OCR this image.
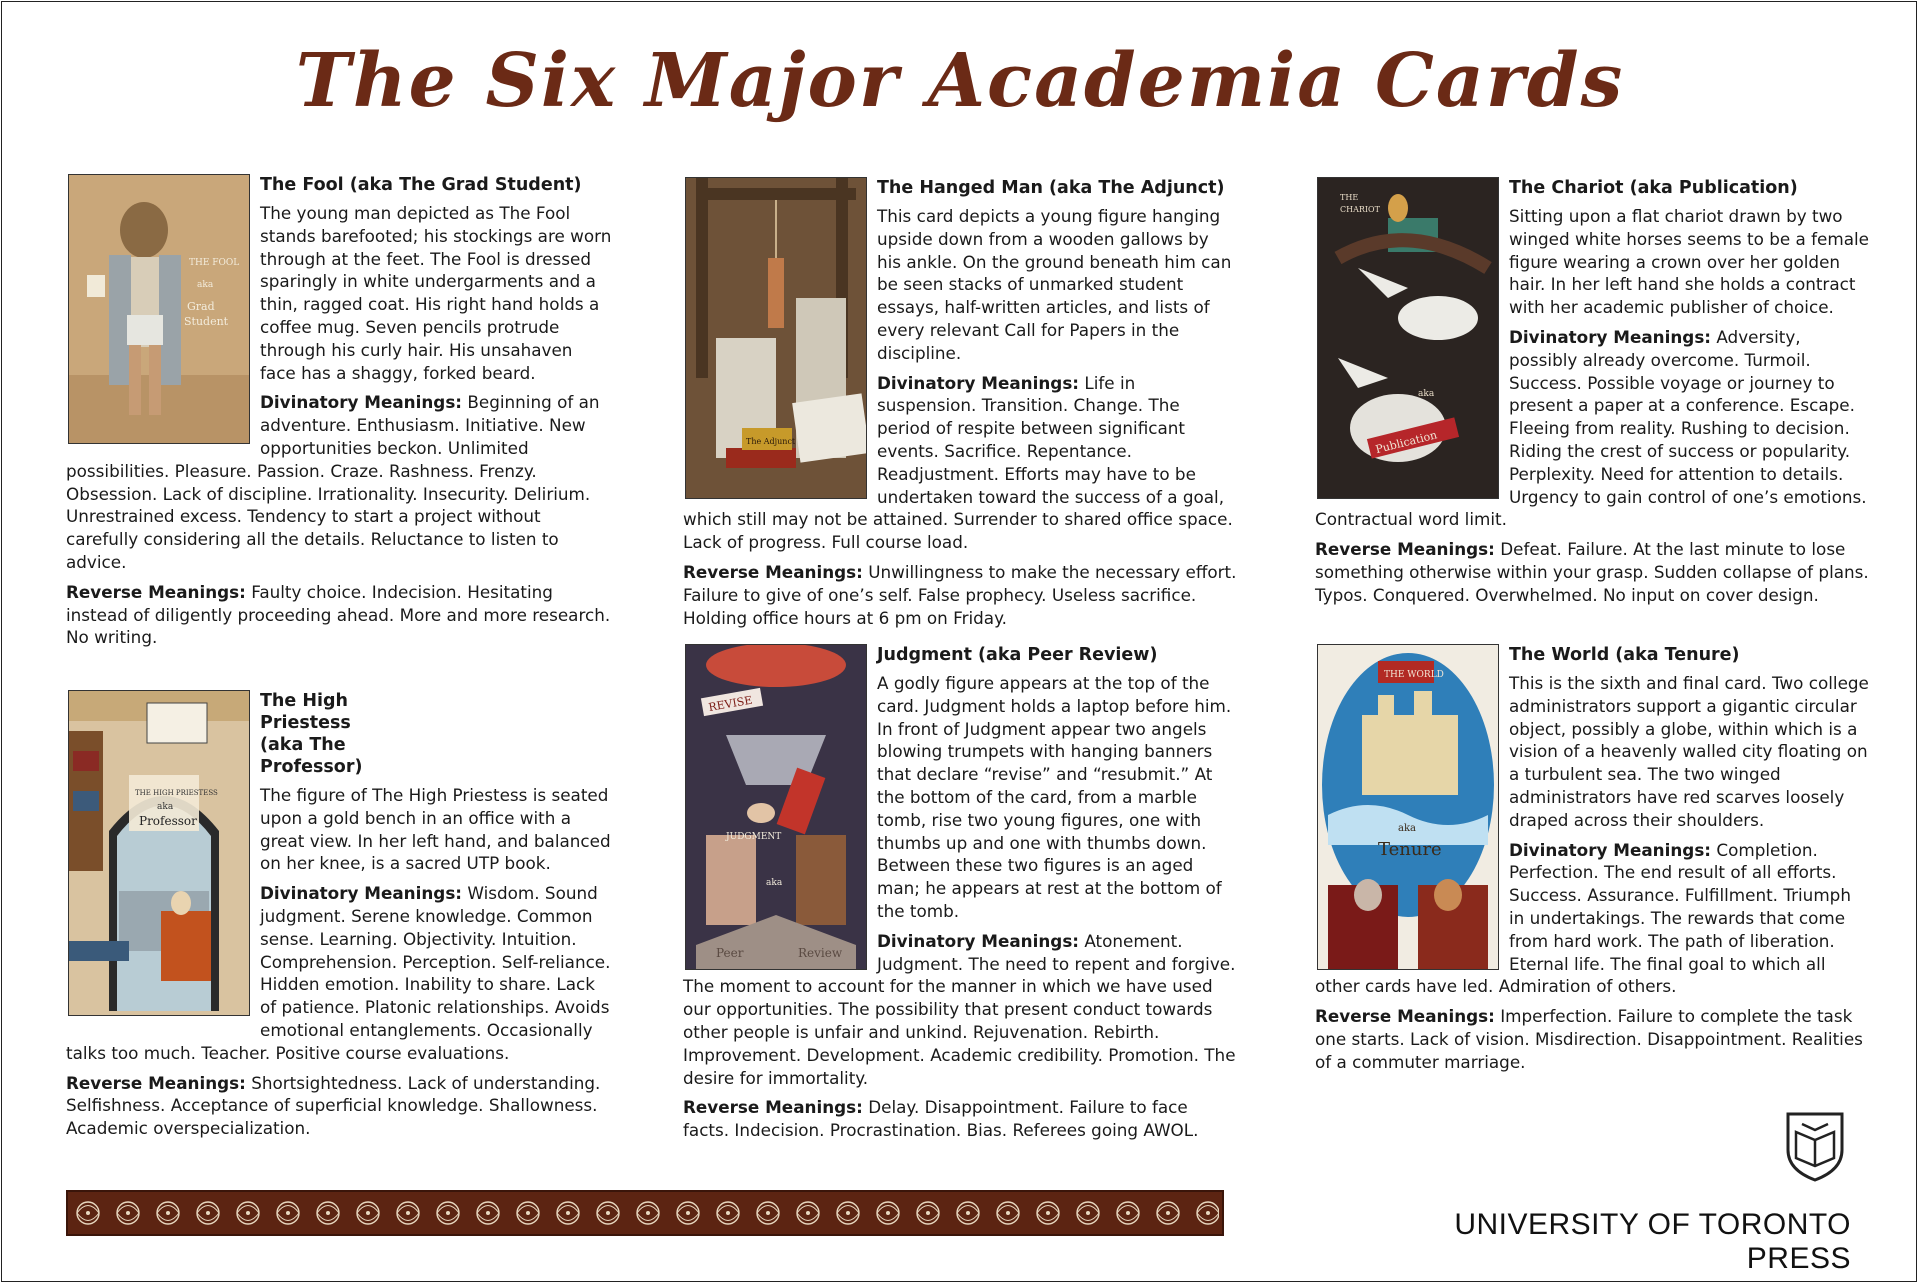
The Six Major Academia Cards
THE FOOL
aka
Grad
Student
The Fool (aka The Grad Student)

The young man depicted as The Fool stands barefooted; his stockings are worn through at the feet. The Fool is dressed sparingly in white undergarments and a thin, ragged coat. His right hand holds a coffee mug. Seven pencils protrude through his curly hair. His unsahaven face has a shaggy, forked beard.

Divinatory Meanings: Beginning of an adventure. Enthusiasm. Initiative. New opportunities beckon. Unlimited possibilities. Pleasure. Passion. Craze. Rashness. Frenzy. Obsession. Lack of discipline. Irrationality. Insecurity. Delirium. Unrestrained excess. Tendency to start a project without carefully considering all the details. Reluctance to listen to advice.

Reverse Meanings: Faulty choice. Indecision. Hesitating instead of diligently proceeding ahead. More and more research. No writing.

THE HIGH PRIESTESS
aka
Professor
The High Priestess (aka The Professor)

The figure of The High Priestess is seated upon a gold bench in an office with a great view. In her left hand, and balanced on her knee, is a sacred UTP book.

Divinatory Meanings: Wisdom. Sound judgment. Serene knowledge. Common sense. Learning. Objectivity. Intuition. Comprehension. Perception. Self-reliance. Hidden emotion. Inability to share. Lack of patience. Platonic relationships. Avoids emotional entanglements. Occasionally talks too much. Teacher. Positive course evaluations.

Reverse Meanings: Shortsightedness. Lack of understanding. Selfishness. Acceptance of superficial knowledge. Shallowness. Academic overspecialization.

The Adjunct
The Hanged Man (aka The Adjunct)

This card depicts a young figure hanging upside down from a wooden gallows by his ankle. On the ground beneath him can be seen stacks of unmarked student essays, half-written articles, and lists of every relevant Call for Papers in the discipline.

Divinatory Meanings: Life in suspension. Transition. Change. The period of respite between significant events. Sacrifice. Repentance. Readjustment. Efforts may have to be undertaken toward the success of a goal, which still may not be attained. Surrender to shared office space. Lack of progress. Full course load.

Reverse Meanings: Unwillingness to make the necessary effort. Failure to give of one’s self. False prophecy. Useless sacrifice. Holding office hours at 6 pm on Friday.

REVISE
JUDGMENT
aka
Peer	Review
Judgment (aka Peer Review)

A godly figure appears at the top of the card. Judgment holds a laptop before him. In front of Judgment appear two angels blowing trumpets with hanging banners that declare “revise” and “resubmit.” At the bottom of the card, from a marble tomb, rise two young figures, one with thumbs up and one with thumbs down. Between these two figures is an aged man; he appears at rest at the bottom of the tomb.

Divinatory Meanings: Atonement. Judgment. The need to repent and forgive. The moment to account for the manner in which we have used our opportunities. The possibility that present conduct towards other people is unfair and unkind. Rejuvenation. Rebirth. Improvement. Development. Academic credibility. Promotion. The desire for immortality.

Reverse Meanings: Delay. Disappointment. Failure to face facts. Indecision. Procrastination. Bias. Referees going AWOL.

THE
CHARIOT
Publication
aka
The Chariot (aka Publication)

Sitting upon a flat chariot drawn by two winged white horses seems to be a female figure wearing a crown over her golden hair. In her left hand she holds a contract with her academic publisher of choice.

Divinatory Meanings: Adversity, possibly already overcome. Turmoil. Success. Possible voyage or journey to present a paper at a conference. Escape. Fleeing from reality. Rushing to decision. Riding the crest of success or popularity. Perplexity. Need for attention to details. Urgency to gain control of one’s emotions. Contractual word limit.

Reverse Meanings: Defeat. Failure. At the last minute to lose something otherwise within your grasp. Sudden collapse of plans. Typos. Conquered. Overwhelmed. No input on cover design.

THE WORLD
aka
Tenure
The World (aka Tenure)

This is the sixth and final card. Two college administrators support a gigantic circular object, possibly a globe, within which is a vision of a heavenly walled city floating on a turbulent sea. The two winged administrators have red scarves loosely draped across their shoulders.

Divinatory Meanings: Completion. Perfection. The end result of all efforts. Success. Assurance. Fulfillment. Triumph in undertakings. The rewards that come from hard work. The path of liberation. Eternal life. The final goal to which all other cards have led. Admiration of others.

Reverse Meanings: Imperfection. Failure to complete the task one starts. Lack of vision. Misdirection. Disappointment. Realities of a commuter marriage.

UNIVERSITY OF TORONTO PRESS
